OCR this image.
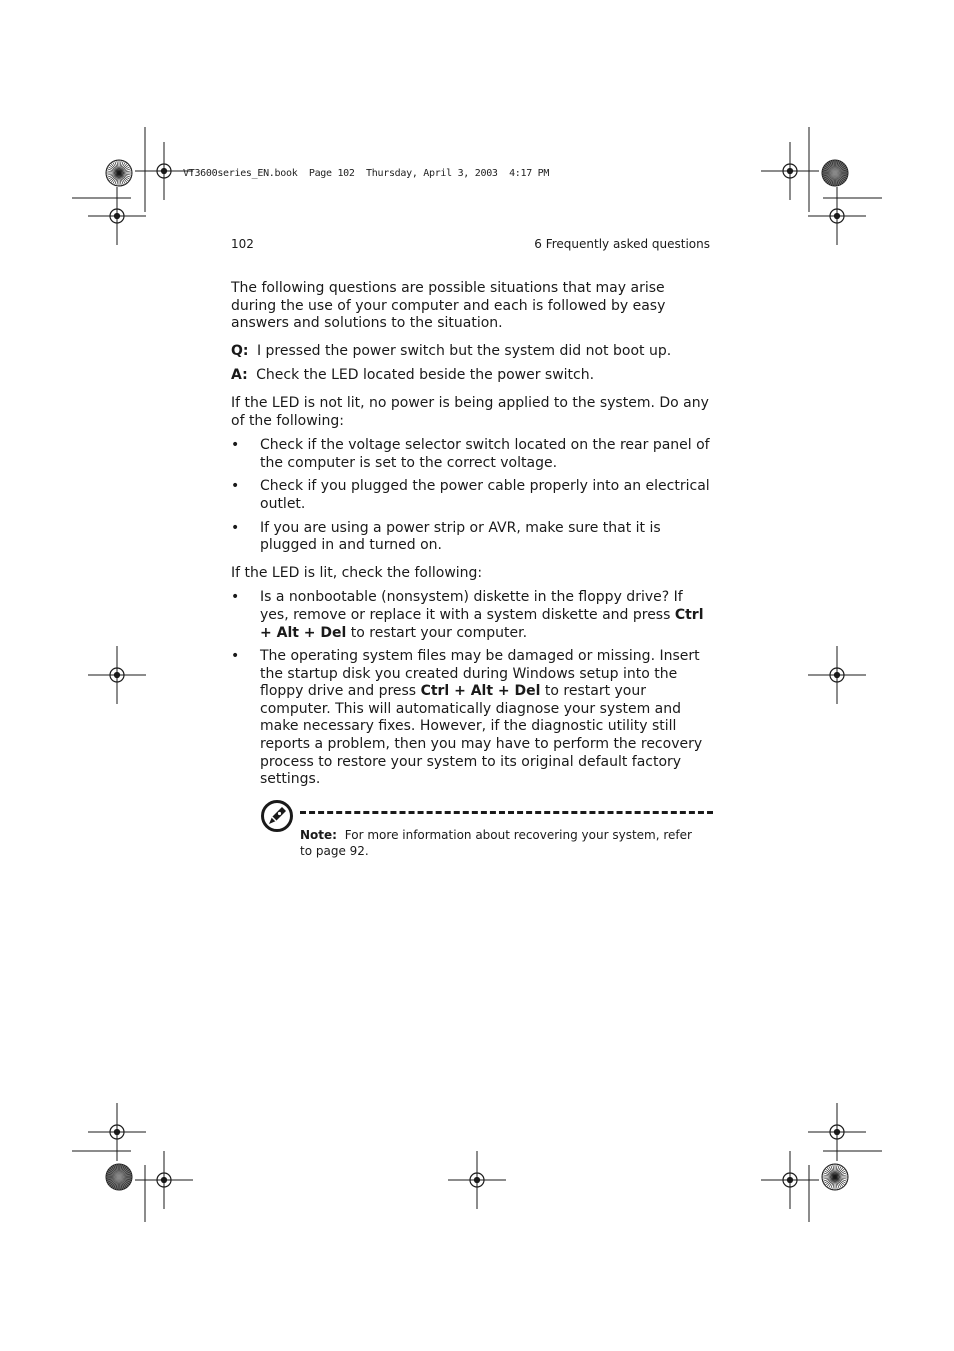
VT3600series_EN.book  Page 102  Thursday, April 3, 2003  4:17 PM
102	6 Frequently asked questions

The following questions are possible situations that may arise during the use of your computer and each is followed by easy answers and solutions to the situation.

Q: I pressed the power switch but the system did not boot up.

A: Check the LED located beside the power switch.

If the LED is not lit, no power is being applied to the system. Do any of the following:

• Check if the voltage selector switch located on the rear panel of the computer is set to the correct voltage.
• Check if you plugged the power cable properly into an electrical outlet.
• If you are using a power strip or AVR, make sure that it is plugged in and turned on.

If the LED is lit, check the following:

• Is a nonbootable (nonsystem) diskette in the floppy drive? If yes, remove or replace it with a system diskette and press Ctrl + Alt + Del to restart your computer.
• The operating system files may be damaged or missing. Insert the startup disk you created during Windows setup into the floppy drive and press Ctrl + Alt + Del to restart your computer. This will automatically diagnose your system and make necessary fixes. However, if the diagnostic utility still reports a problem, then you may have to perform the recovery process to restore your system to its original default factory settings.
Note: For more information about recovering your system, refer to page 92.
